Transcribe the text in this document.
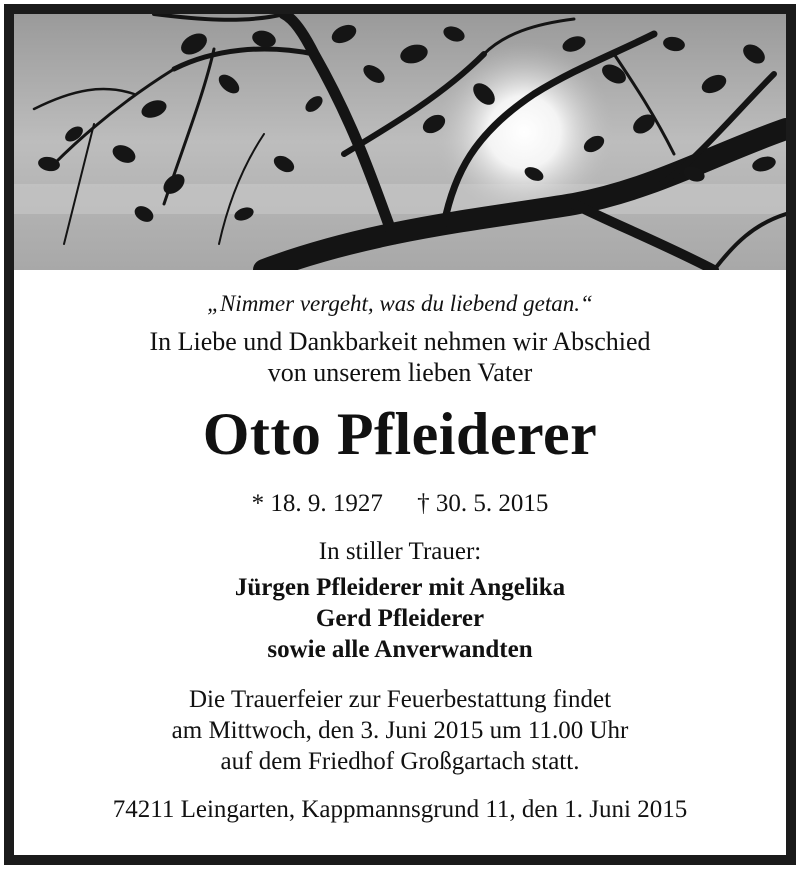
„Nimmer vergeht, was du liebend getan.“
In Liebe und Dankbarkeit nehmen wir Abschied
von unserem lieben Vater
Otto Pfleiderer
* 18. 9. 1927 † 30. 5. 2015
In stiller Trauer:
Jürgen Pfleiderer mit Angelika
Gerd Pfleiderer
sowie alle Anverwandten
Die Trauerfeier zur Feuerbestattung findet
am Mittwoch, den 3. Juni 2015 um 11.00 Uhr
auf dem Friedhof Großgartach statt.
74211 Leingarten, Kappmannsgrund 11, den 1. Juni 2015
